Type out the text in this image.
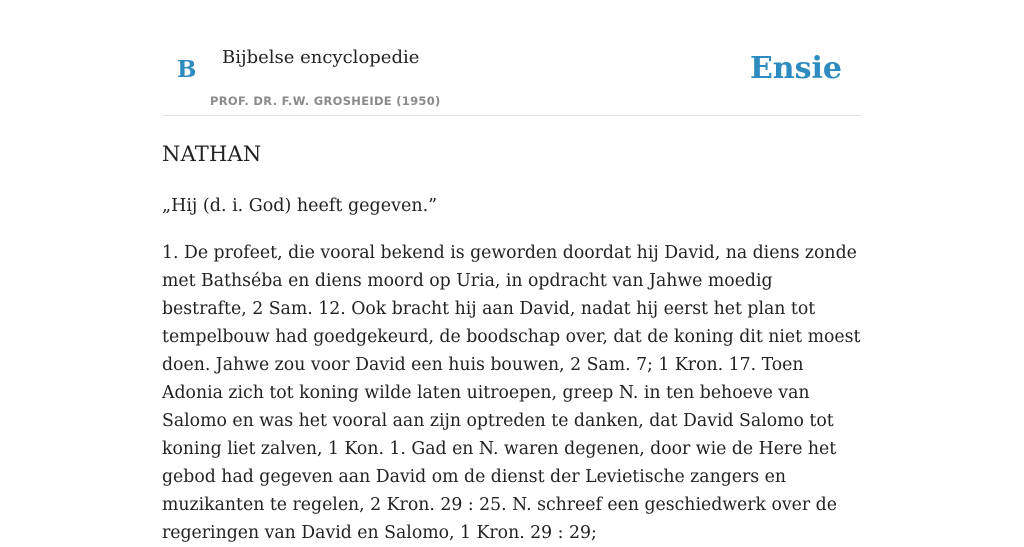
B Bijbelse encyclopedie
PROF. DR. F.W. GROSHEIDE (1950)
Ensie
NATHAN

„Hij (d. i. God) heeft gegeven.”

1. De profeet, die vooral bekend is geworden doordat hij David, na diens zonde met Bathséba en diens moord op Uria, in opdracht van Jahwe moedig bestrafte, 2 Sam. 12. Ook bracht hij aan David, nadat hij eerst het plan tot tempelbouw had goedgekeurd, de boodschap over, dat de koning dit niet moest doen. Jahwe zou voor David een huis bouwen, 2 Sam. 7; 1 Kron. 17. Toen Adonia zich tot koning wilde laten uitroepen, greep N. in ten behoeve van Salomo en was het vooral aan zijn optreden te danken, dat David Salomo tot koning liet zalven, 1 Kon. 1. Gad en N. waren degenen, door wie de Here het gebod had gegeven aan David om de dienst der Levietische zangers en muzikanten te regelen, 2 Kron. 29 : 25. N. schreef een geschiedwerk over de regeringen van David en Salomo, 1 Kron. 29 : 29;
